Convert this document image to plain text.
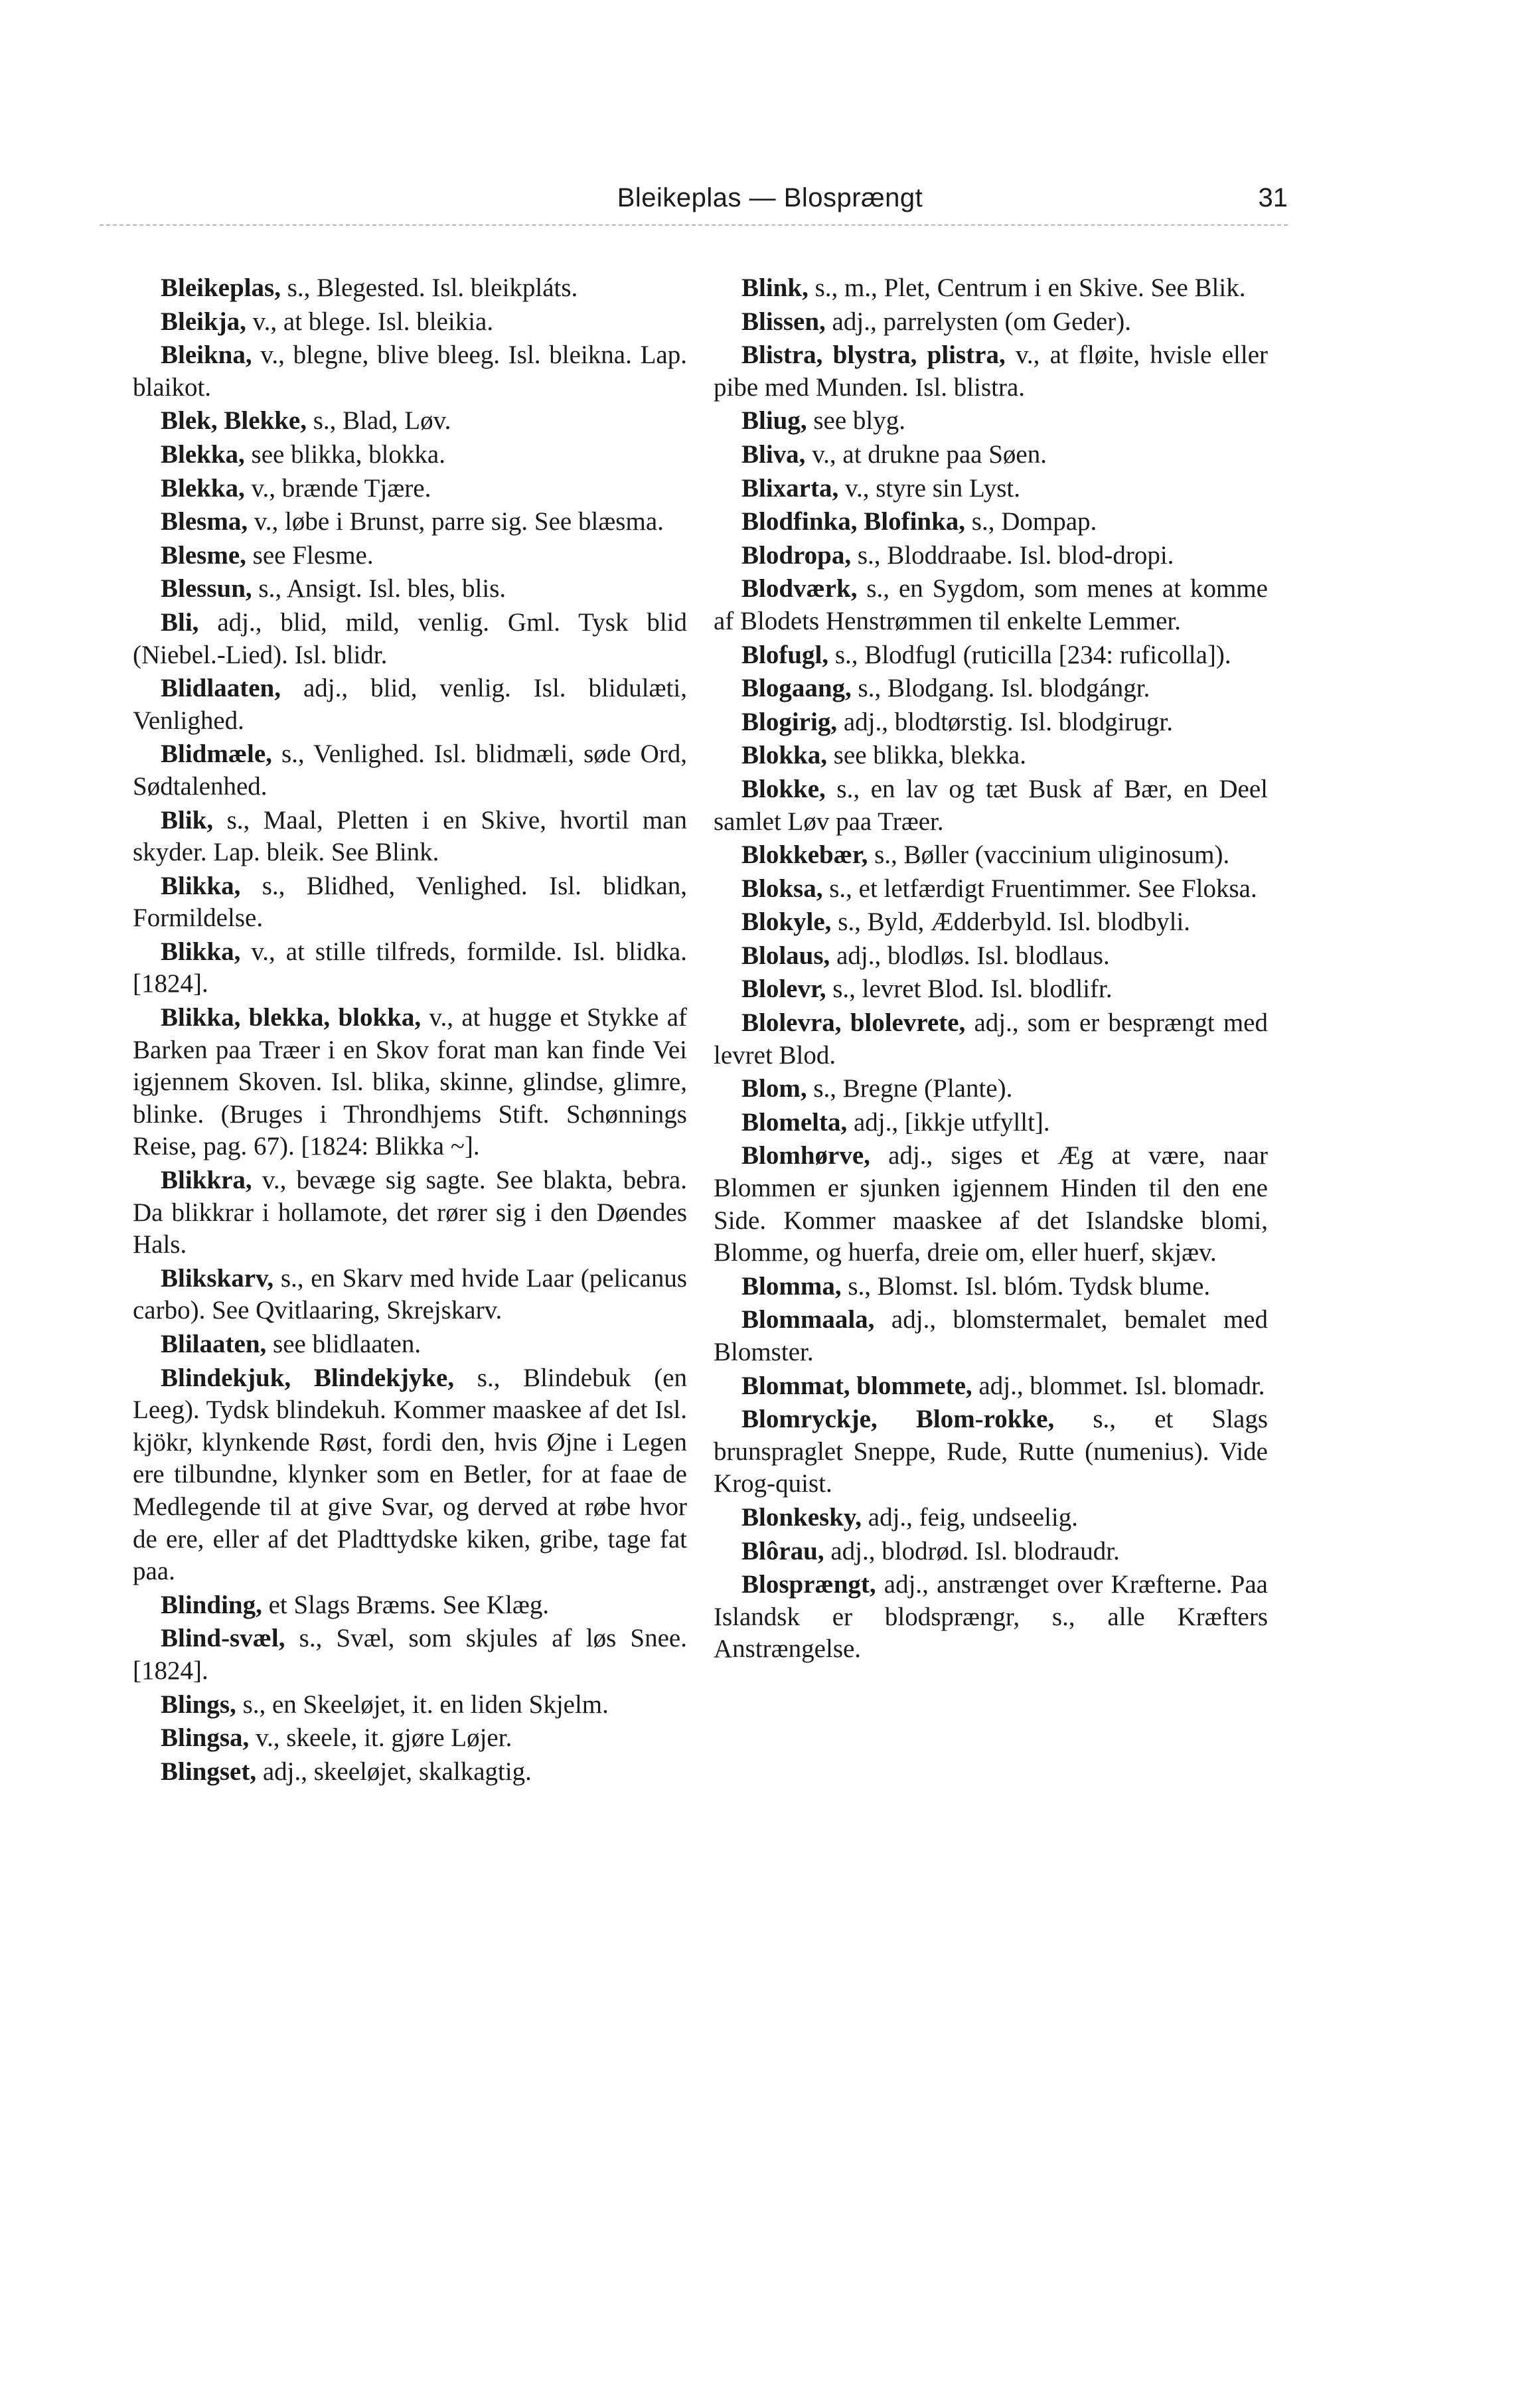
Bleikeplas — Blosprængt	31

Bleikeplas, s., Blegested. Isl. bleikpláts.

Bleikja, v., at blege. Isl. bleikia.

Bleikna, v., blegne, blive bleeg. Isl. bleikna. Lap. blaikot.

Blek, Blekke, s., Blad, Løv.

Blekka, see blikka, blokka.

Blekka, v., brænde Tjære.

Blesma, v., løbe i Brunst, parre sig. See blæsma.

Blesme, see Flesme.

Blessun, s., Ansigt. Isl. bles, blis.

Bli, adj., blid, mild, venlig. Gml. Tysk blid (Niebel.-Lied). Isl. blidr.

Blidlaaten, adj., blid, venlig. Isl. blidulæti, Venlighed.

Blidmæle, s., Venlighed. Isl. blidmæli, søde Ord, Sødtalenhed.

Blik, s., Maal, Pletten i en Skive, hvortil man skyder. Lap. bleik. See Blink.

Blikka, s., Blidhed, Venlighed. Isl. blidkan, Formildelse.

Blikka, v., at stille tilfreds, formilde. Isl. blidka. [1824].

Blikka, blekka, blokka, v., at hugge et Stykke af Barken paa Træer i en Skov forat man kan finde Vei igjennem Skoven. Isl. blika, skinne, glindse, glimre, blinke. (Bruges i Throndhjems Stift. Schønnings Reise, pag. 67). [1824: Blikka ~].

Blikkra, v., bevæge sig sagte. See blakta, bebra. Da blikkrar i hollamote, det rører sig i den Døendes Hals.

Blikskarv, s., en Skarv med hvide Laar (pelicanus carbo). See Qvitlaaring, Skrejskarv.

Blilaaten, see blidlaaten.

Blindekjuk, Blindekjyke, s., Blindebuk (en Leeg). Tydsk blindekuh. Kommer maaskee af det Isl. kjökr, klynkende Røst, fordi den, hvis Øjne i Legen ere tilbundne, klynker som en Betler, for at faae de Medlegende til at give Svar, og derved at røbe hvor de ere, eller af det Pladttydske kiken, gribe, tage fat paa.

Blinding, et Slags Bræms. See Klæg.

Blind-svæl, s., Svæl, som skjules af løs Snee. [1824].

Blings, s., en Skeeløjet, it. en liden Skjelm.

Blingsa, v., skeele, it. gjøre Løjer.

Blingset, adj., skeeløjet, skalkagtig.

Blink, s., m., Plet, Centrum i en Skive. See Blik.

Blissen, adj., parrelysten (om Geder).

Blistra, blystra, plistra, v., at fløite, hvisle eller pibe med Munden. Isl. blistra.

Bliug, see blyg.

Bliva, v., at drukne paa Søen.

Blixarta, v., styre sin Lyst.

Blodfinka, Blofinka, s., Dompap.

Blodropa, s., Bloddraabe. Isl. blod-dropi.

Blodværk, s., en Sygdom, som menes at komme af Blodets Henstrømmen til enkelte Lemmer.

Blofugl, s., Blodfugl (ruticilla [234: ruficolla]).

Blogaang, s., Blodgang. Isl. blodgángr.

Blogirig, adj., blodtørstig. Isl. blodgirugr.

Blokka, see blikka, blekka.

Blokke, s., en lav og tæt Busk af Bær, en Deel samlet Løv paa Træer.

Blokkebær, s., Bøller (vaccinium uliginosum).

Bloksa, s., et letfærdigt Fruentimmer. See Floksa.

Blokyle, s., Byld, Ædderbyld. Isl. blodbyli.

Blolaus, adj., blodløs. Isl. blodlaus.

Blolevr, s., levret Blod. Isl. blodlifr.

Blolevra, blolevrete, adj., som er besprængt med levret Blod.

Blom, s., Bregne (Plante).

Blomelta, adj., [ikkje utfyllt].

Blomhørve, adj., siges et Æg at være, naar Blommen er sjunken igjennem Hinden til den ene Side. Kommer maaskee af det Islandske blomi, Blomme, og huerfa, dreie om, eller huerf, skjæv.

Blomma, s., Blomst. Isl. blóm. Tydsk blume.

Blommaala, adj., blomstermalet, bemalet med Blomster.

Blommat, blommete, adj., blommet. Isl. blomadr.

Blomryckje, Blom-rokke, s., et Slags brunspraglet Sneppe, Rude, Rutte (numenius). Vide Krog-quist.

Blonkesky, adj., feig, undseelig.

Blôrau, adj., blodrød. Isl. blodraudr.

Blosprængt, adj., anstrænget over Kræfterne. Paa Islandsk er blodsprængr, s., alle Kræfters Anstrængelse.
